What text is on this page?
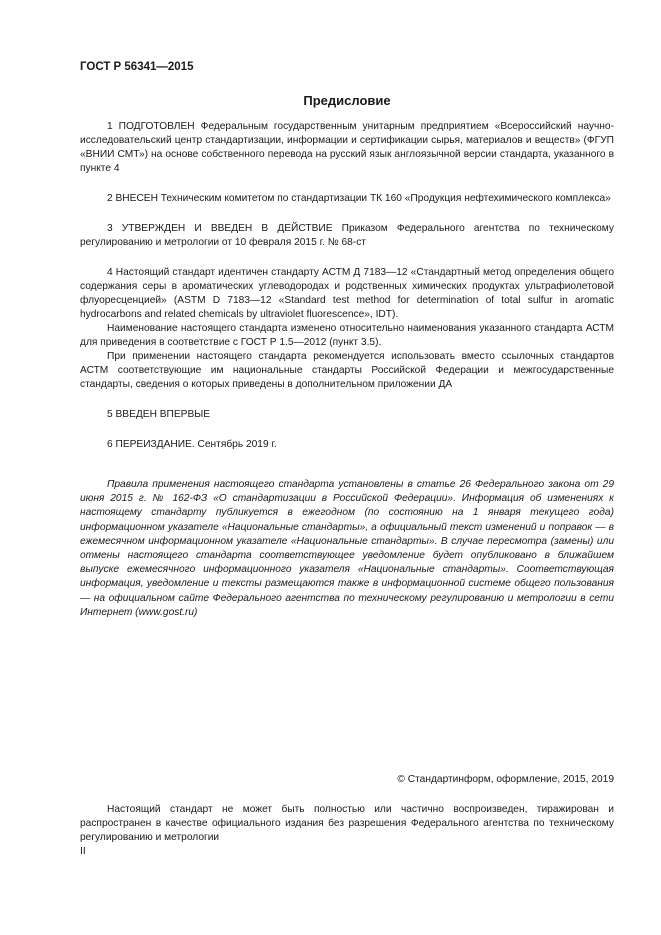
ГОСТ Р 56341—2015
Предисловие

1 ПОДГОТОВЛЕН Федеральным государственным унитарным предприятием «Всероссийский научно-исследовательский центр стандартизации, информации и сертификации сырья, материалов и веществ» (ФГУП «ВНИИ СМТ») на основе собственного перевода на русский язык англоязычной версии стандарта, указанного в пункте 4

2 ВНЕСЕН Техническим комитетом по стандартизации ТК 160 «Продукция нефтехимического комплекса»

3 УТВЕРЖДЕН И ВВЕДЕН В ДЕЙСТВИЕ Приказом Федерального агентства по техническому регулированию и метрологии от 10 февраля 2015 г. № 68-ст

4 Настоящий стандарт идентичен стандарту АСТМ Д 7183—12 «Стандартный метод определения общего содержания серы в ароматических углеводородах и родственных химических продуктах ультрафиолетовой флуоресценцией» (ASTM D 7183—12 «Standard test method for determination of total sulfur in aromatic hydrocarbons and related chemicals by ultraviolet fluorescence», IDT).

Наименование настоящего стандарта изменено относительно наименования указанного стандарта АСТМ для приведения в соответствие с ГОСТ Р 1.5—2012 (пункт 3.5).

При применении настоящего стандарта рекомендуется использовать вместо ссылочных стандартов АСТМ соответствующие им национальные стандарты Российской Федерации и межгосударственные стандарты, сведения о которых приведены в дополнительном приложении ДА

5 ВВЕДЕН ВПЕРВЫЕ

6 ПЕРЕИЗДАНИЕ. Сентябрь 2019 г.

Правила применения настоящего стандарта установлены в статье 26 Федерального закона от 29 июня 2015 г. № 162-ФЗ «О стандартизации в Российской Федерации». Информация об изменениях к настоящему стандарту публикуется в ежегодном (по состоянию на 1 января текущего года) информационном указателе «Национальные стандарты», а официальный текст изменений и поправок — в ежемесячном информационном указателе «Национальные стандарты». В случае пересмотра (замены) или отмены настоящего стандарта соответствующее уведомление будет опубликовано в ближайшем выпуске ежемесячного информационного указателя «Национальные стандарты». Соответствующая информация, уведомление и тексты размещаются также в информационной системе общего пользования — на официальном сайте Федерального агентства по техническому регулированию и метрологии в сети Интернет (www.gost.ru)

© Стандартинформ, оформление, 2015, 2019

Настоящий стандарт не может быть полностью или частично воспроизведен, тиражирован и распространен в качестве официального издания без разрешения Федерального агентства по техническому регулированию и метрологии

II
